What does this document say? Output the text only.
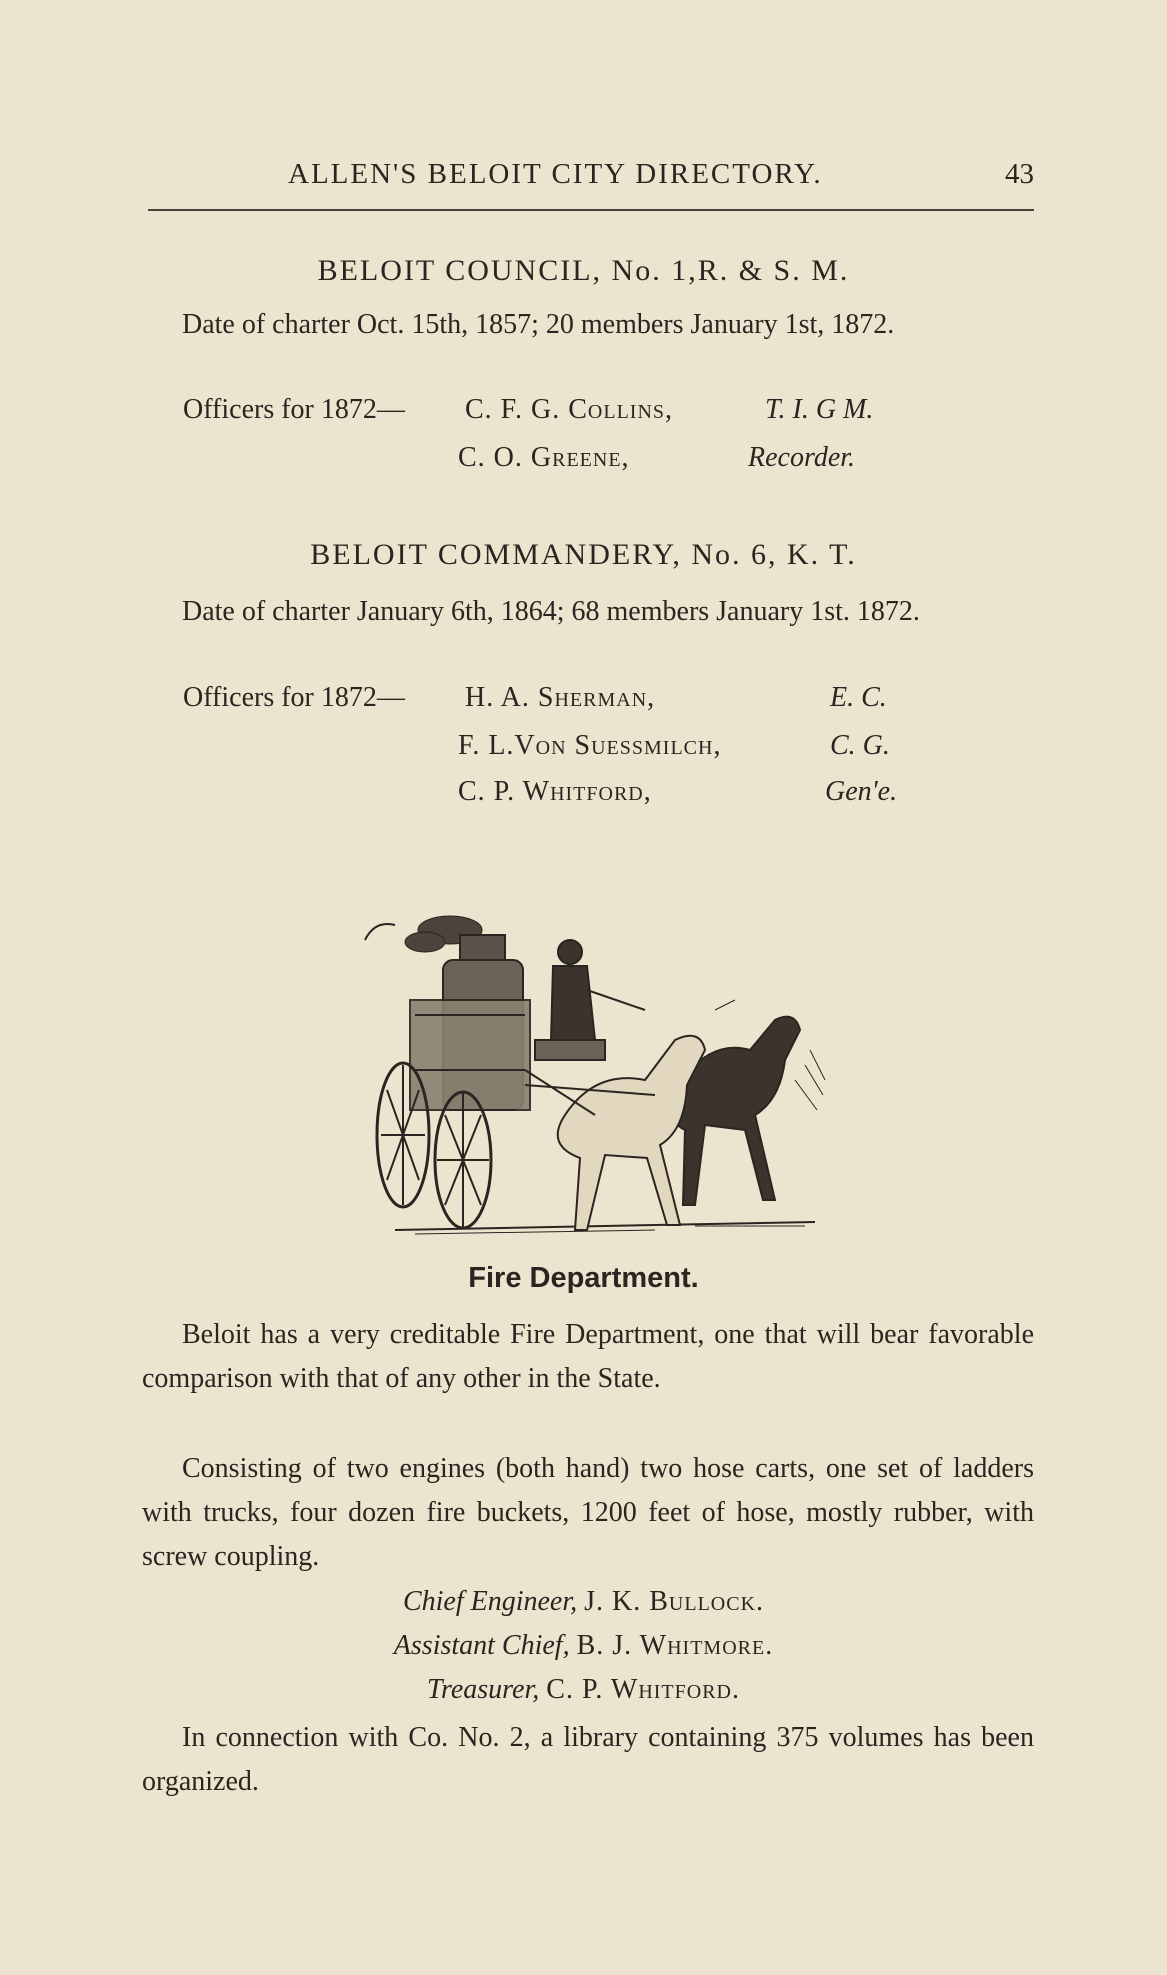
ALLEN'S BELOIT CITY DIRECTORY.	43
BELOIT COUNCIL, No. 1,R. & S. M.
Date of charter Oct. 15th, 1857; 20 members January 1st, 1872.
Officers for 1872— C. F. G. Collins,	T. I. G M.
C. O. Greene,	Recorder.
BELOIT COMMANDERY, No. 6, K. T.
Date of charter January 6th, 1864; 68 members January 1st. 1872.
Officers for 1872— H. A. Sherman,	E. C.
F. L.Von Suessmilch,	C. G.
C. P. Whitford,	Gen'e.
Fire Department.
Beloit has a very creditable Fire Department, one that will bear favorable comparison with that of any other in the State.
Consisting of two engines (both hand) two hose carts, one set of ladders with trucks, four dozen fire buckets, 1200 feet of hose, mostly rubber, with screw coupling.
Chief Engineer, J. K. Bullock.
Assistant Chief, B. J. Whitmore.
Treasurer, C. P. Whitford.
In connection with Co. No. 2, a library containing 375 volumes has been organized.
